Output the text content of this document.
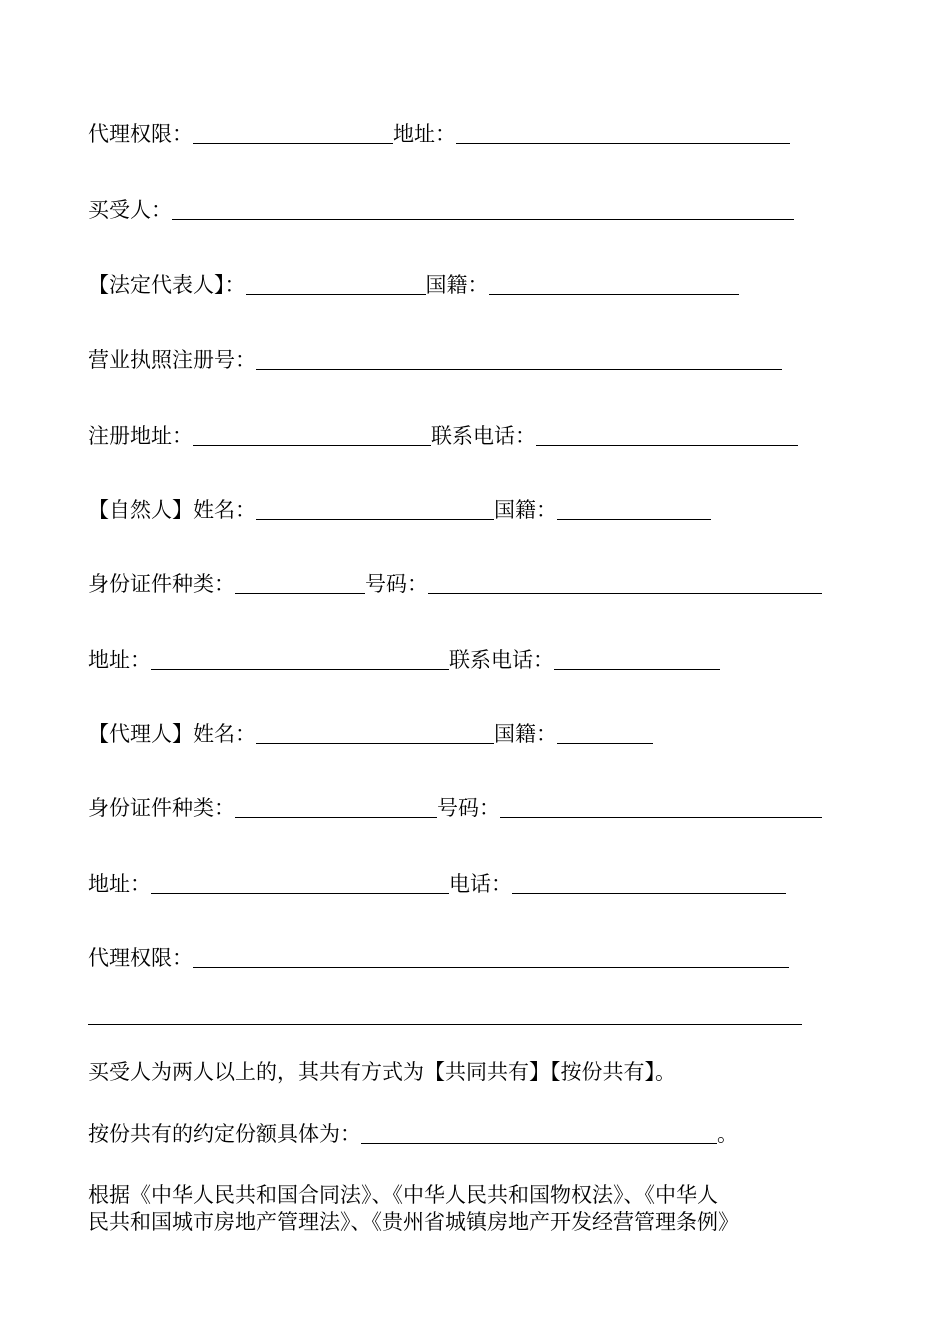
代理权限：	地址：
买受人：
【法定代表人】：	国籍：
营业执照注册号：
注册地址：	联系电话：
【自然人】姓名：	国籍：
身份证件种类：	号码：
地址：	联系电话：
【代理人】姓名：	国籍：
身份证件种类：	号码：
地址：	电话：
代理权限：
买受人为两人以上的，其共有方式为【共同共有】【按份共有】。
按份共有的约定份额具体为：	。
根据《中华人民共和国合同法》、《中华人民共和国物权法》、《中华人
民共和国城市房地产管理法》、《贵州省城镇房地产开发经营管理条例》
